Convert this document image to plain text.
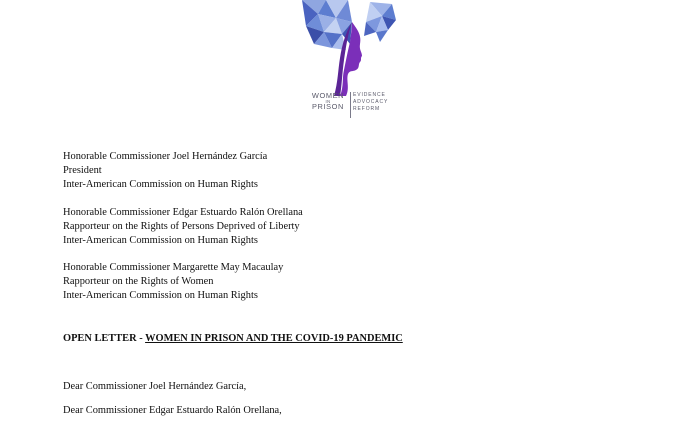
WOMEN
IN
PRISON
EVIDENCE
ADVOCACY
REFORM
Honorable Commissioner Joel Hernández García
President
Inter-American Commission on Human Rights
Honorable Commissioner Edgar Estuardo Ralón Orellana
Rapporteur on the Rights of Persons Deprived of Liberty
Inter-American Commission on Human Rights
Honorable Commissioner Margarette May Macaulay
Rapporteur on the Rights of Women
Inter-American Commission on Human Rights
OPEN LETTER - WOMEN IN PRISON AND THE COVID-19 PANDEMIC
Dear Commissioner Joel Hernández García,
Dear Commissioner Edgar Estuardo Ralón Orellana,
